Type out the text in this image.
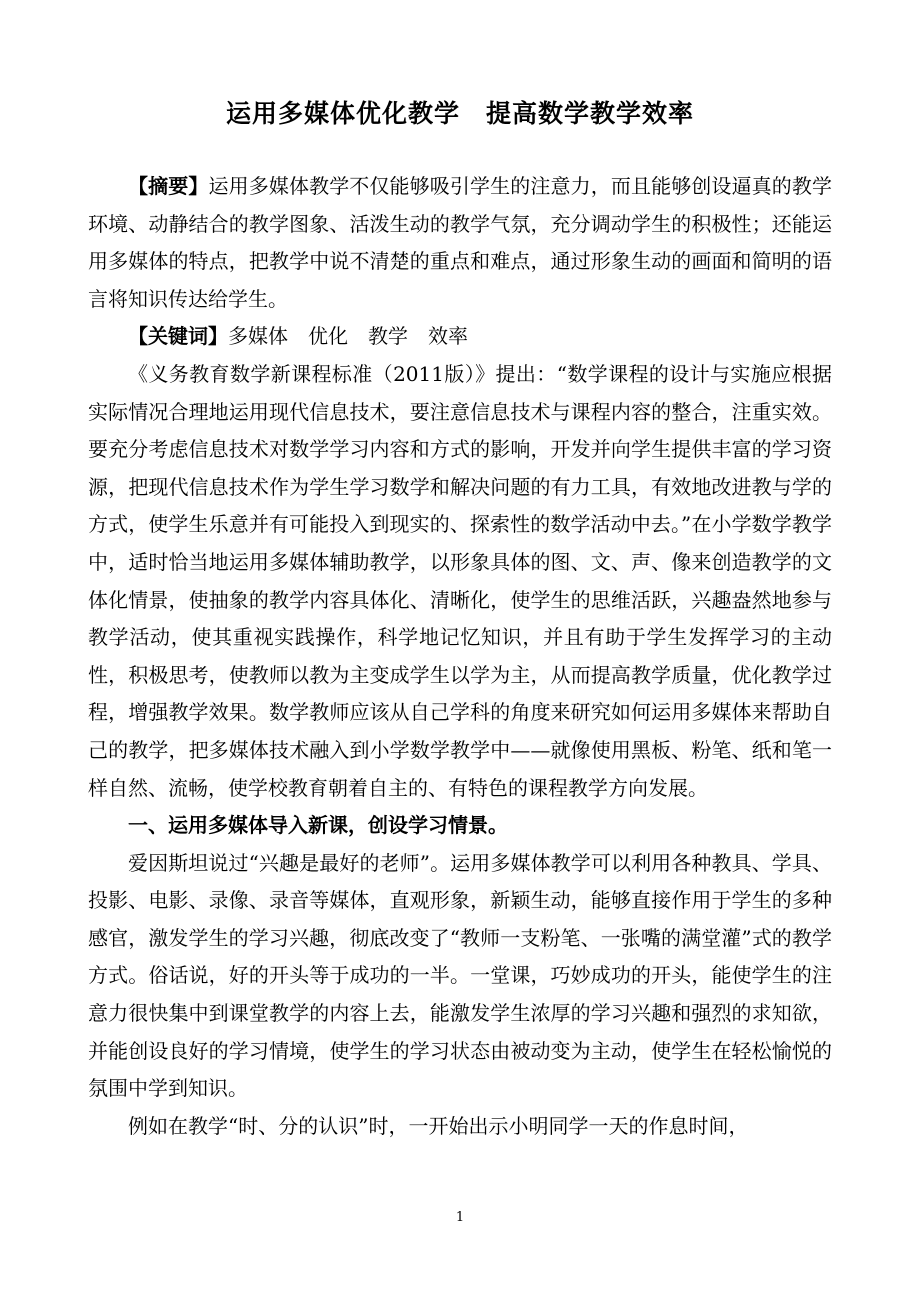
运用多媒体优化教学　提高数学教学效率

【摘要】运用多媒体教学不仅能够吸引学生的注意力，而且能够创设逼真的教学环境、动静结合的教学图象、活泼生动的教学气氛，充分调动学生的积极性；还能运用多媒体的特点，把教学中说不清楚的重点和难点，通过形象生动的画面和简明的语言将知识传达给学生。

【关键词】多媒体　 优化　 教学　 效率

《义务教育数学新课程标准（2011版）》提出：“数学课程的设计与实施应根据实际情况合理地运用现代信息技术，要注意信息技术与课程内容的整合，注重实效。要充分考虑信息技术对数学学习内容和方式的影响，开发并向学生提供丰富的学习资源，把现代信息技术作为学生学习数学和解决问题的有力工具，有效地改进教与学的方式，使学生乐意并有可能投入到现实的、探索性的数学活动中去。”在小学数学教学中，适时恰当地运用多媒体辅助教学，以形象具体的图、文、声、像来创造教学的文体化情景，使抽象的教学内容具体化、清晰化，使学生的思维活跃，兴趣盎然地参与教学活动，使其重视实践操作，科学地记忆知识，并且有助于学生发挥学习的主动性，积极思考，使教师以教为主变成学生以学为主，从而提高教学质量，优化教学过程，增强教学效果。数学教师应该从自己学科的角度来研究如何运用多媒体来帮助自己的教学，把多媒体技术融入到小学数学教学中——就像使用黑板、粉笔、纸和笔一样自然、流畅，使学校教育朝着自主的、有特色的课程教学方向发展。

一、运用多媒体导入新课，创设学习情景。

爱因斯坦说过“兴趣是最好的老师”。运用多媒体教学可以利用各种教具、学具、投影、电影、录像、录音等媒体，直观形象，新颖生动，能够直接作用于学生的多种感官，激发学生的学习兴趣，彻底改变了“教师一支粉笔、一张嘴的满堂灌”式的教学方式。俗话说，好的开头等于成功的一半。一堂课，巧妙成功的开头，能使学生的注意力很快集中到课堂教学的内容上去，能激发学生浓厚的学习兴趣和强烈的求知欲，并能创设良好的学习情境，使学生的学习状态由被动变为主动，使学生在轻松愉悦的氛围中学到知识。

例如在教学“时、分的认识”时，一开始出示小明同学一天的作息时间，

1
